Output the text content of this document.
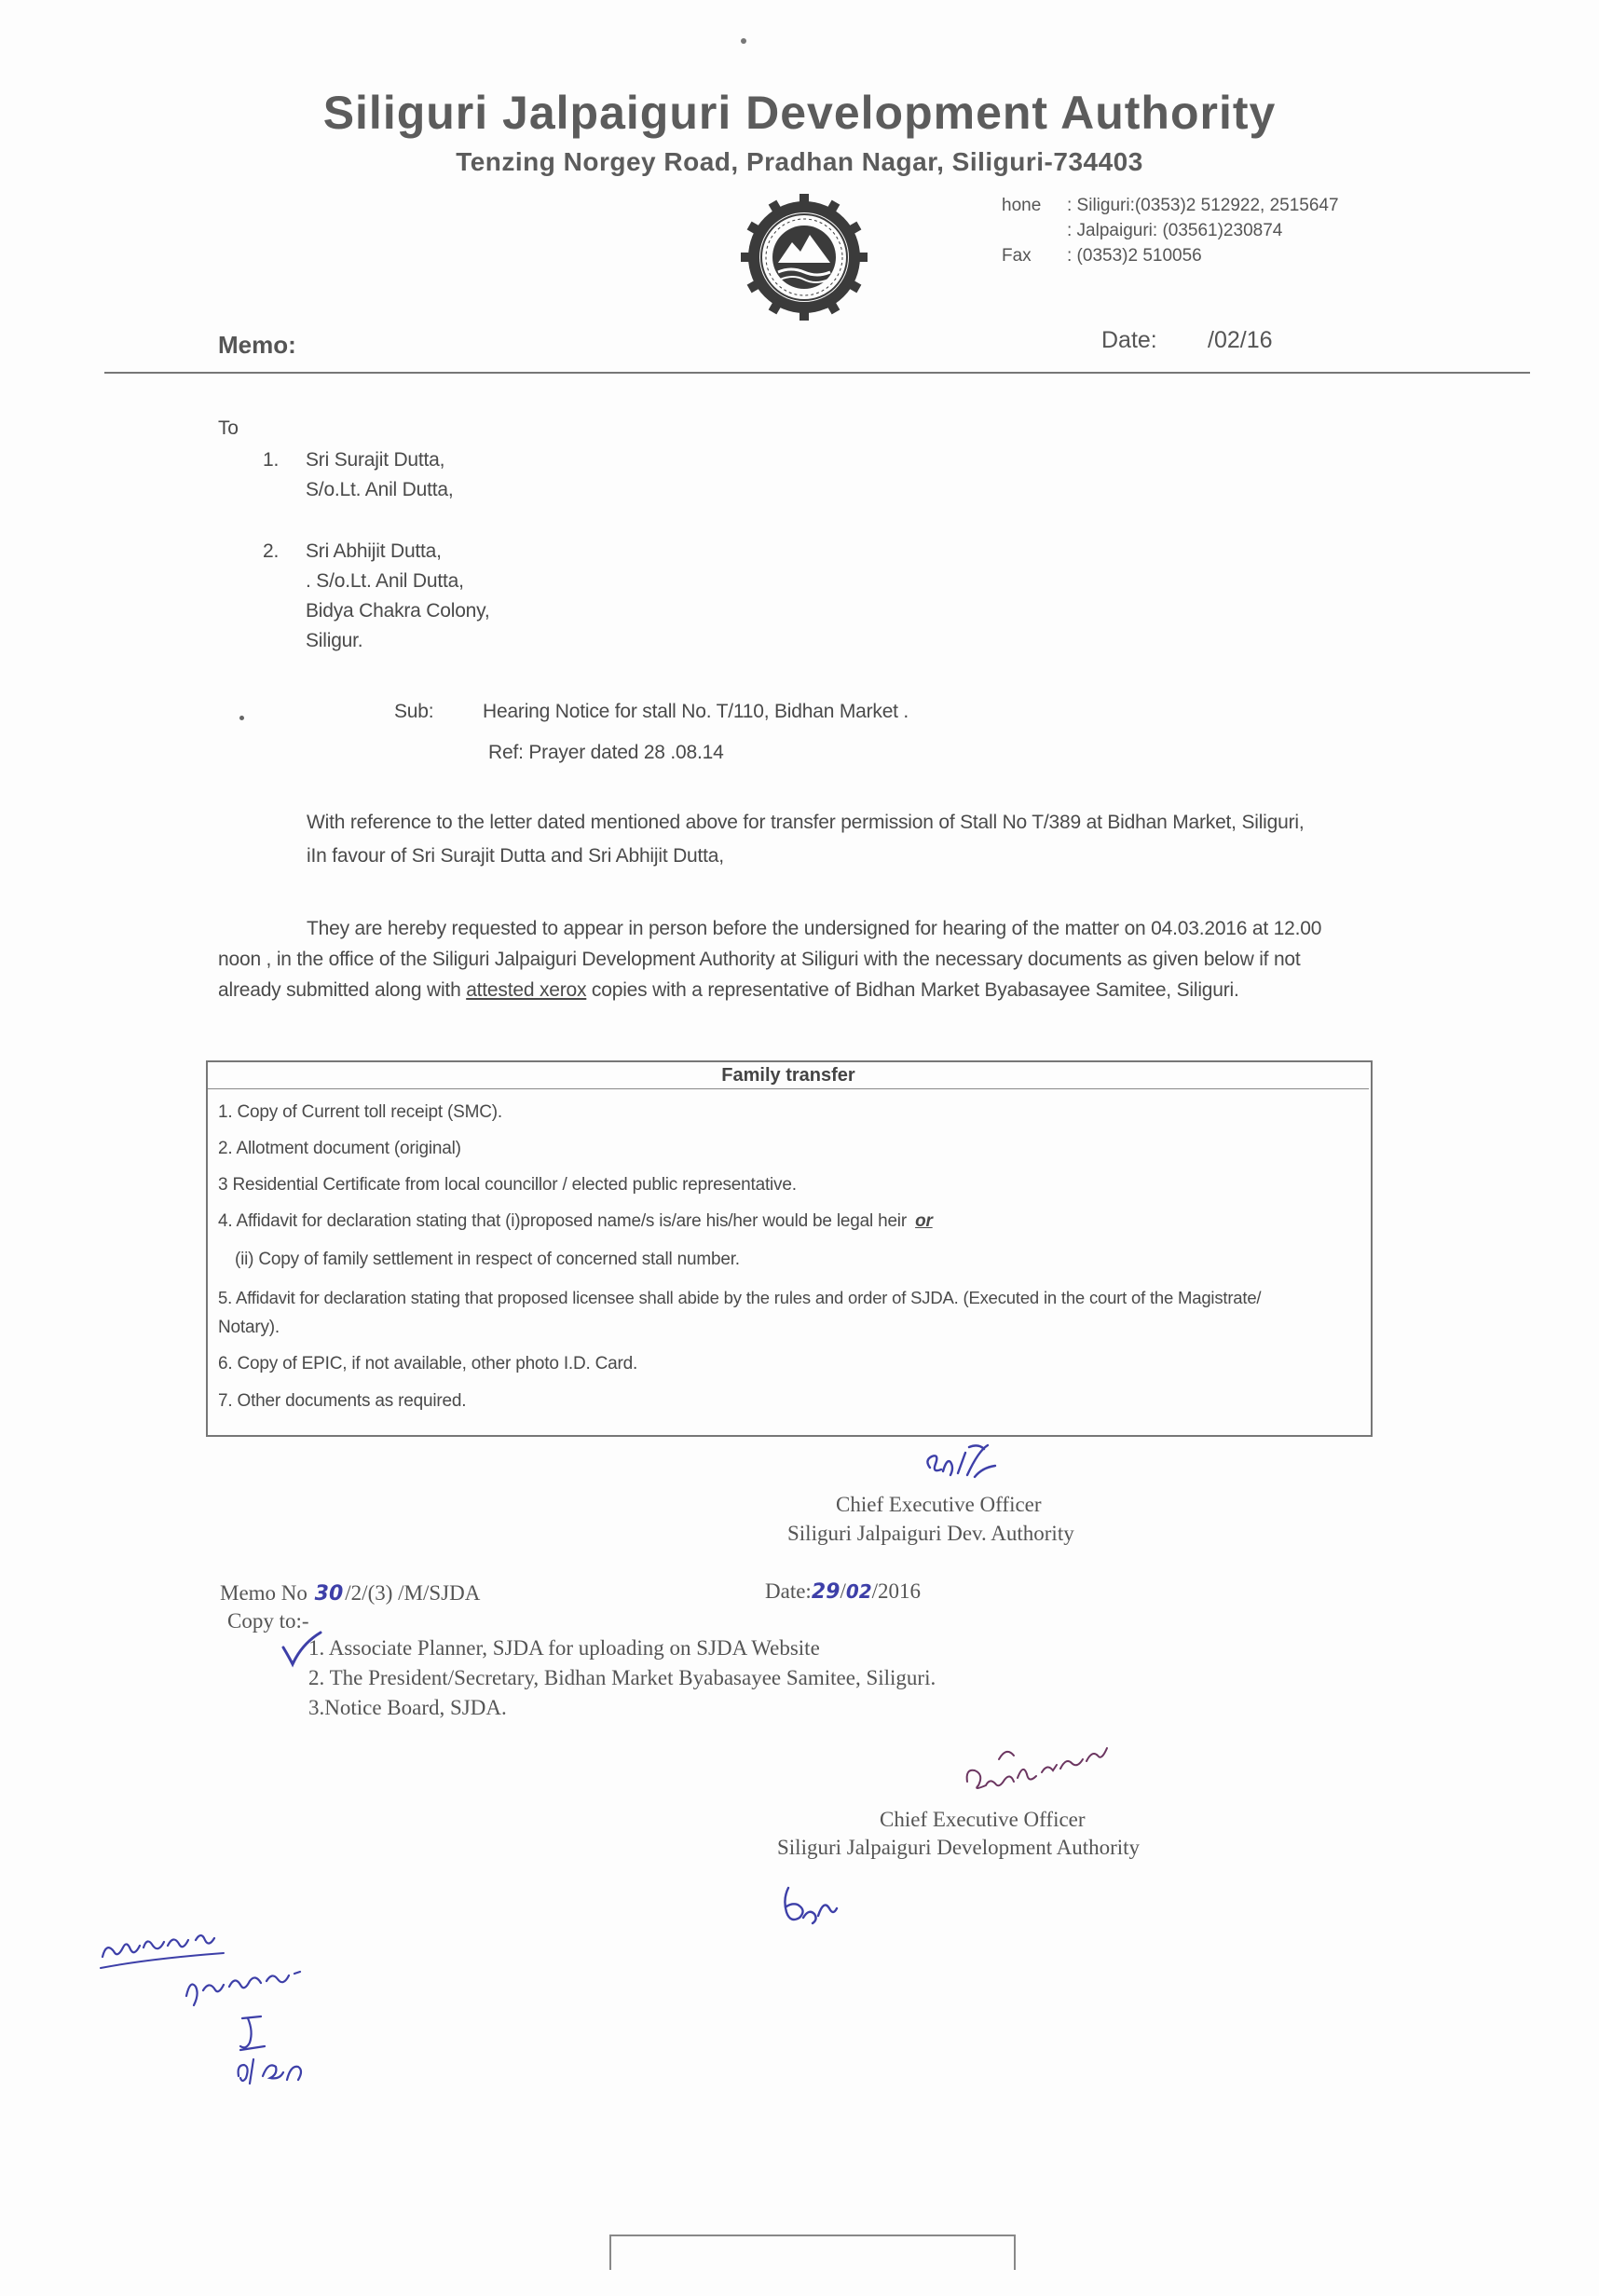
Siliguri Jalpaiguri Development Authority
Tenzing Norgey Road, Pradhan Nagar, Siliguri-734403
hone : Siliguri:(0353)2 512922, 2515647
: Jalpaiguri: (03561)230874
Fax : (0353)2 510056
Memo:	Date: /02/16
To
1. Sri Surajit Dutta,
S/o.Lt. Anil Dutta,
2. Sri Abhijit Dutta,
. S/o.Lt. Anil Dutta,
Bidya Chakra Colony,
Siligur.
Sub:	Hearing Notice for stall No. T/110, Bidhan Market .
Ref: Prayer dated 28 .08.14
With reference to the letter dated mentioned above for transfer permission of Stall No T/389 at Bidhan Market, Siliguri,
iIn favour of Sri Surajit Dutta and Sri Abhijit Dutta,
They are hereby requested to appear in person before the undersigned for hearing of the matter on 04.03.2016 at 12.00
noon , in the office of the Siliguri Jalpaiguri Development Authority at Siliguri with the necessary documents as given below if not
already submitted along with attested xerox copies with a representative of Bidhan Market Byabasayee Samitee, Siliguri.
Family transfer
1. Copy of Current toll receipt (SMC).
2. Allotment document (original)
3 Residential Certificate from local councillor / elected public representative.
4. Affidavit for declaration stating that (i)proposed name/s is/are his/her would be legal heir or
(ii) Copy of family settlement in respect of concerned stall number.
5. Affidavit for declaration stating that proposed licensee shall abide by the rules and order of SJDA. (Executed in the court of the Magistrate/
Notary).
6. Copy of EPIC, if not available, other photo I.D. Card.
7. Other documents as required.
Chief Executive Officer
Siliguri Jalpaiguri Dev. Authority
Memo No 30/2/(3) /M/SJDA	Date:29/02/2016
Copy to:-
1. Associate Planner, SJDA for uploading on SJDA Website
2. The President/Secretary, Bidhan Market Byabasayee Samitee, Siliguri.
3.Notice Board, SJDA.
Chief Executive Officer
Siliguri Jalpaiguri Development Authority
